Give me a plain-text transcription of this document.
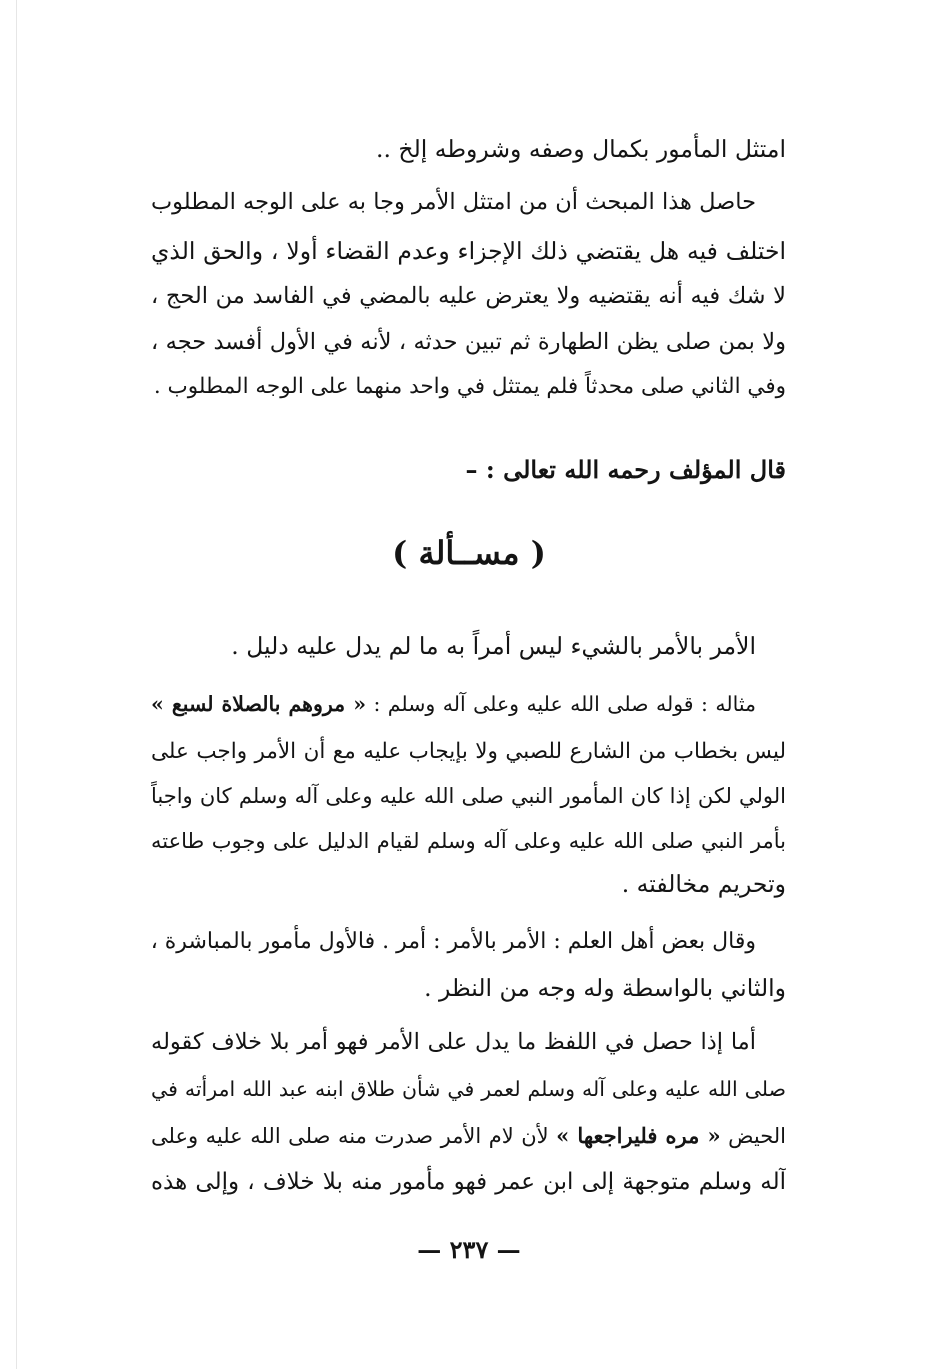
امتثل المأمور بكمال وصفه وشروطه إلخ ..
حاصل هذا المبحث أن من امتثل الأمر وجا به على الوجه المطلوب
اختلف فيه هل يقتضي ذلك الإجزاء وعدم القضاء أولا ، والحق الذي
لا شك فيه أنه يقتضيه ولا يعترض عليه بالمضي في الفاسد من الحج ،
ولا بمن صلى يظن الطهارة ثم تبين حدثه ، لأنه في الأول أفسد حجه ،
وفي الثاني صلى محدثاً فلم يمتثل في واحد منهما على الوجه المطلوب .
قال المؤلف رحمه الله تعالى : –
( مســألة )
الأمر بالأمر بالشيء ليس أمراً به ما لم يدل عليه دليل .
مثاله : قوله صلى الله عليه وعلى آله وسلم : « مروهم بالصلاة لسبع »
ليس بخطاب من الشارع للصبي ولا بإيجاب عليه مع أن الأمر واجب على
الولي لكن إذا كان المأمور النبي صلى الله عليه وعلى آله وسلم كان واجباً
بأمر النبي صلى الله عليه وعلى آله وسلم لقيام الدليل على وجوب طاعته
وتحريم مخالفته .
وقال بعض أهل العلم : الأمر بالأمر : أمر . فالأول مأمور بالمباشرة ،
والثاني بالواسطة وله وجه من النظر .
أما إذا حصل في اللفظ ما يدل على الأمر فهو أمر بلا خلاف كقوله
صلى الله عليه وعلى آله وسلم لعمر في شأن طلاق ابنه عبد الله امرأته في
الحيض « مره فليراجعها » لأن لام الأمر صدرت منه صلى الله عليه وعلى
آله وسلم متوجهة إلى ابن عمر فهو مأمور منه بلا خلاف ، وإلى هذه
— ٢٣٧ —
